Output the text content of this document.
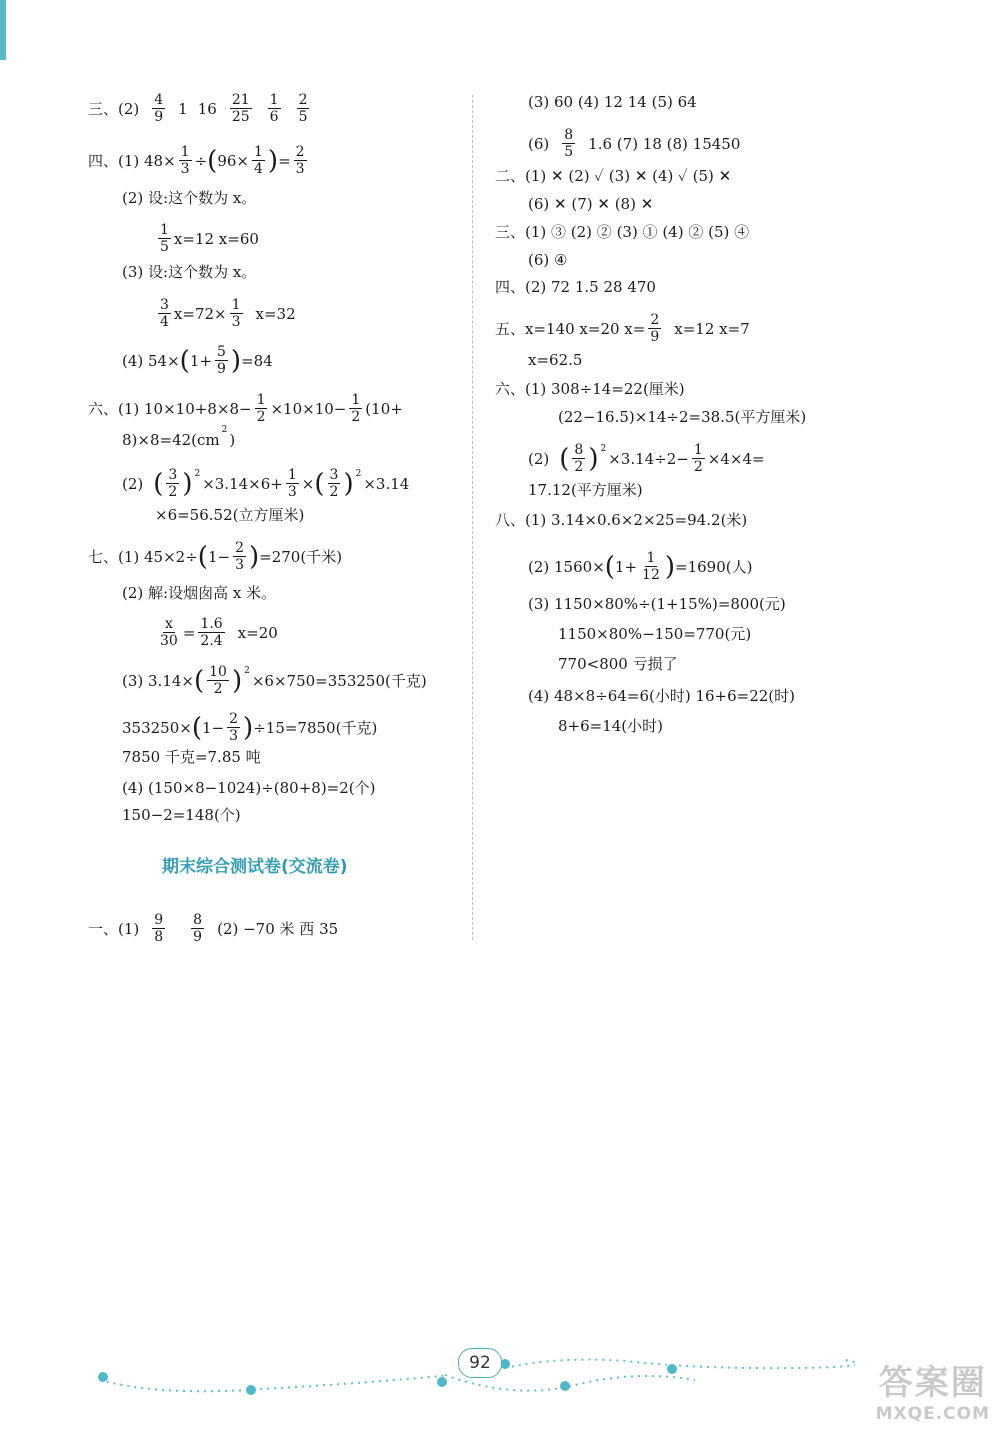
三、$(2) \frac{4}{9} 1$ $16 \frac{21}{25} \frac{1}{6} \frac{2}{5}$
四、(1) $48\times \frac{1}{3}$ ÷ ( $96\times \frac{1}{4}$ ) = $\frac{2}{3}$
(2) 设:这个数为 x。
$\frac{1}{5} x=12$ x=60
(3) 设:这个数为 x。
$\frac{3}{4} x=72\times \frac{1}{3} x=32$
(4) 54× ( $1+ \frac{5}{9}$ ) =84
六、(1) $10\times 10+8\times 8- \frac{1}{2} \times 10\times 10- \frac{1}{2} (10+$
8)×8=42(cm
2
)
(2) ( $\frac{3}{2}$ ) 2
$\times 3.14\times 6+ \frac{1}{3}$ × ( $\frac{3}{2}$ ) 2
×3.14
×6=56.52(立方厘米)
七、(1) 45×2÷ ( $1- \frac{2}{3}$ ) =270(千米)
(2) 解:设烟囱高 x 米。
$\frac{x}{30} = \frac{1.6}{2.4} x=20$
(3) 3.14× ( $\frac{10}{2}$ ) 2
×6×750=353250(千克)
353250× ( $1- \frac{2}{3}$ ) ÷15=7850(千克)
7850 千克=7.85 吨
(4) (150×8−1024)÷(80+8)=2(个)
150−2=148(个)
期末综合测试卷(交流卷)
一、$(1) \frac{9}{8} \frac{8}{9} (2) -70$ 米 西 35
(3) 60 (4) 12 14 (5) 64
$(6) \frac{8}{5} 1.6$ (7) 18 (8) 15450
二、(1) ✕ (2) ✓ (3) ✕ (4) ✓ (5) ✕
(6) ✕ (7) ✕ (8) ✕
三、(1) ③ (2) ② (3) ① (4) ② (5) ④
(6) ④
四、(2) 72 1.5 28 470
五、x=140 x=20 $x= \frac{2}{9} x=12$ x=7
x=62.5
六、(1) 308÷14=22(厘米)
(22−16.5)×14÷2=38.5(平方厘米)
(2) ( $\frac{8}{2}$ ) 2
$\times 3.14\div 2- \frac{1}{2} \times 4\times 4=$
17.12(平方厘米)
八、(1) 3.14×0.6×2×25=94.2(米)
(2) 1560× ( $1+ \frac{1}{12}$ ) =1690(人)
(3) 1150×80%÷(1+15%)=800(元)
1150×80%−150=770(元)
770<800 亏损了
(4) 48×8÷64=6(小时) 16+6=22(时)
8+6=14(小时)
92	答案圈
MXQE.COM
